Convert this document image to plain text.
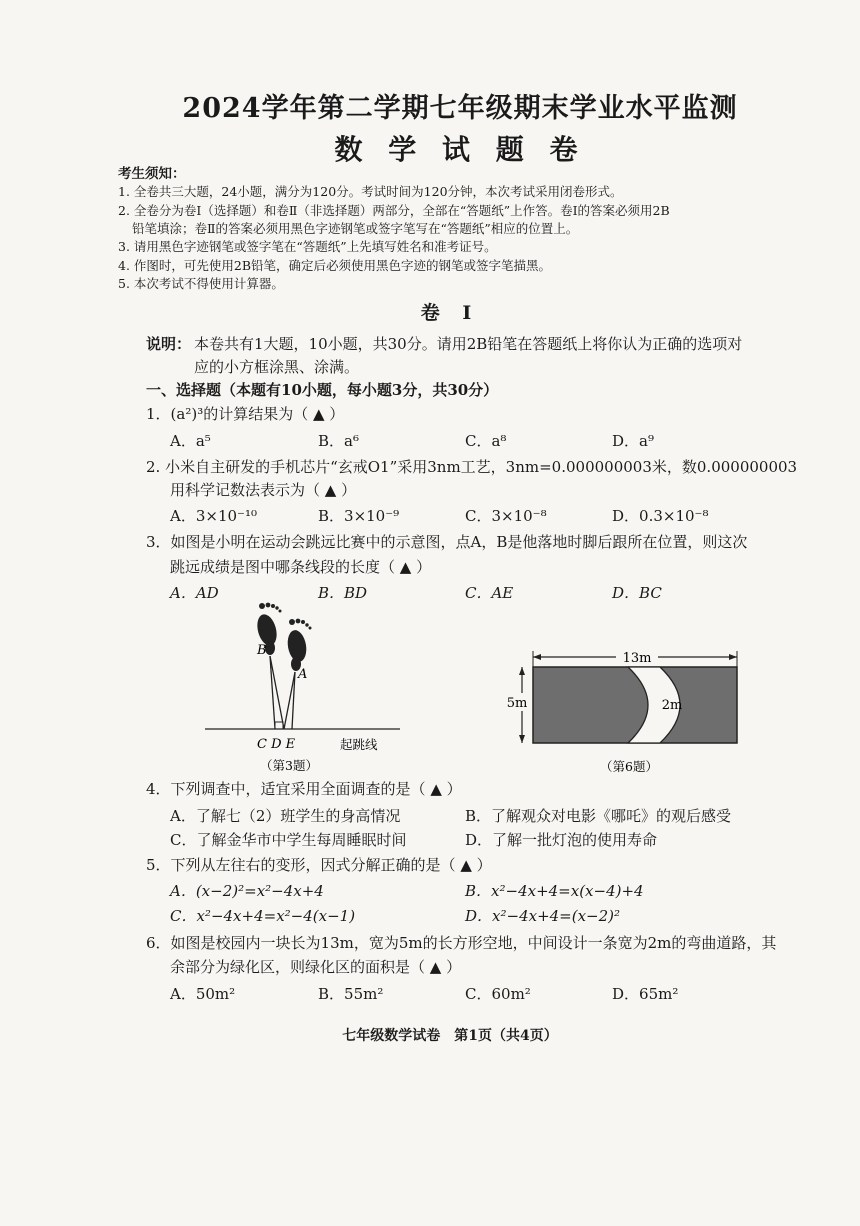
2024学年第二学期七年级期末学业水平监测
数 学 试 题 卷
考生须知：
1. 全卷共三大题，24小题，满分为120分。考试时间为120分钟，本次考试采用闭卷形式。
2. 全卷分为卷Ⅰ（选择题）和卷Ⅱ（非选择题）两部分，全部在“答题纸”上作答。卷Ⅰ的答案必须用2B
铅笔填涂；卷Ⅱ的答案必须用黑色字迹钢笔或签字笔写在“答题纸”相应的位置上。
3. 请用黑色字迹钢笔或签字笔在“答题纸”上先填写姓名和准考证号。
4. 作图时，可先使用2B铅笔，确定后必须使用黑色字迹的钢笔或签字笔描黑。
5. 本次考试不得使用计算器。
卷 Ⅰ
说明： 本卷共有1大题，10小题，共30分。请用2B铅笔在答题纸上将你认为正确的选项对
应的小方框涂黑、涂满。
一、选择题（本题有10小题，每小题3分，共30分）
1．(a²)³的计算结果为（ ▲ ）
A．a⁵	B．a⁶	C．a⁸	D．a⁹
2. 小米自主研发的手机芯片“玄戒O1”采用3nm工艺，3nm=0.000000003米，数0.000000003
用科学记数法表示为（ ▲ ）
A．3×10⁻¹⁰	B．3×10⁻⁹	C．3×10⁻⁸	D．0.3×10⁻⁸
3．如图是小明在运动会跳远比赛中的示意图，点A，B是他落地时脚后跟所在位置，则这次
跳远成绩是图中哪条线段的长度（ ▲ ）
A．AD	B．BD	C．AE	D．BC
B
A
C D E	起跳线
（第3题）
13m
5m	2m
（第6题）
4．下列调查中，适宜采用全面调查的是（ ▲ ）
A．了解七（2）班学生的身高情况	B．了解观众对电影《哪吒》的观后感受
C．了解金华市中学生每周睡眠时间	D．了解一批灯泡的使用寿命
5．下列从左往右的变形，因式分解正确的是（ ▲ ）
A．(x−2)²=x²−4x+4	B．x²−4x+4=x(x−4)+4
C．x²−4x+4=x²−4(x−1)	D．x²−4x+4=(x−2)²
6．如图是校园内一块长为13m，宽为5m的长方形空地，中间设计一条宽为2m的弯曲道路，其
余部分为绿化区，则绿化区的面积是（ ▲ ）
A．50m²	B．55m²	C．60m²	D．65m²
七年级数学试卷　第1页（共4页）
